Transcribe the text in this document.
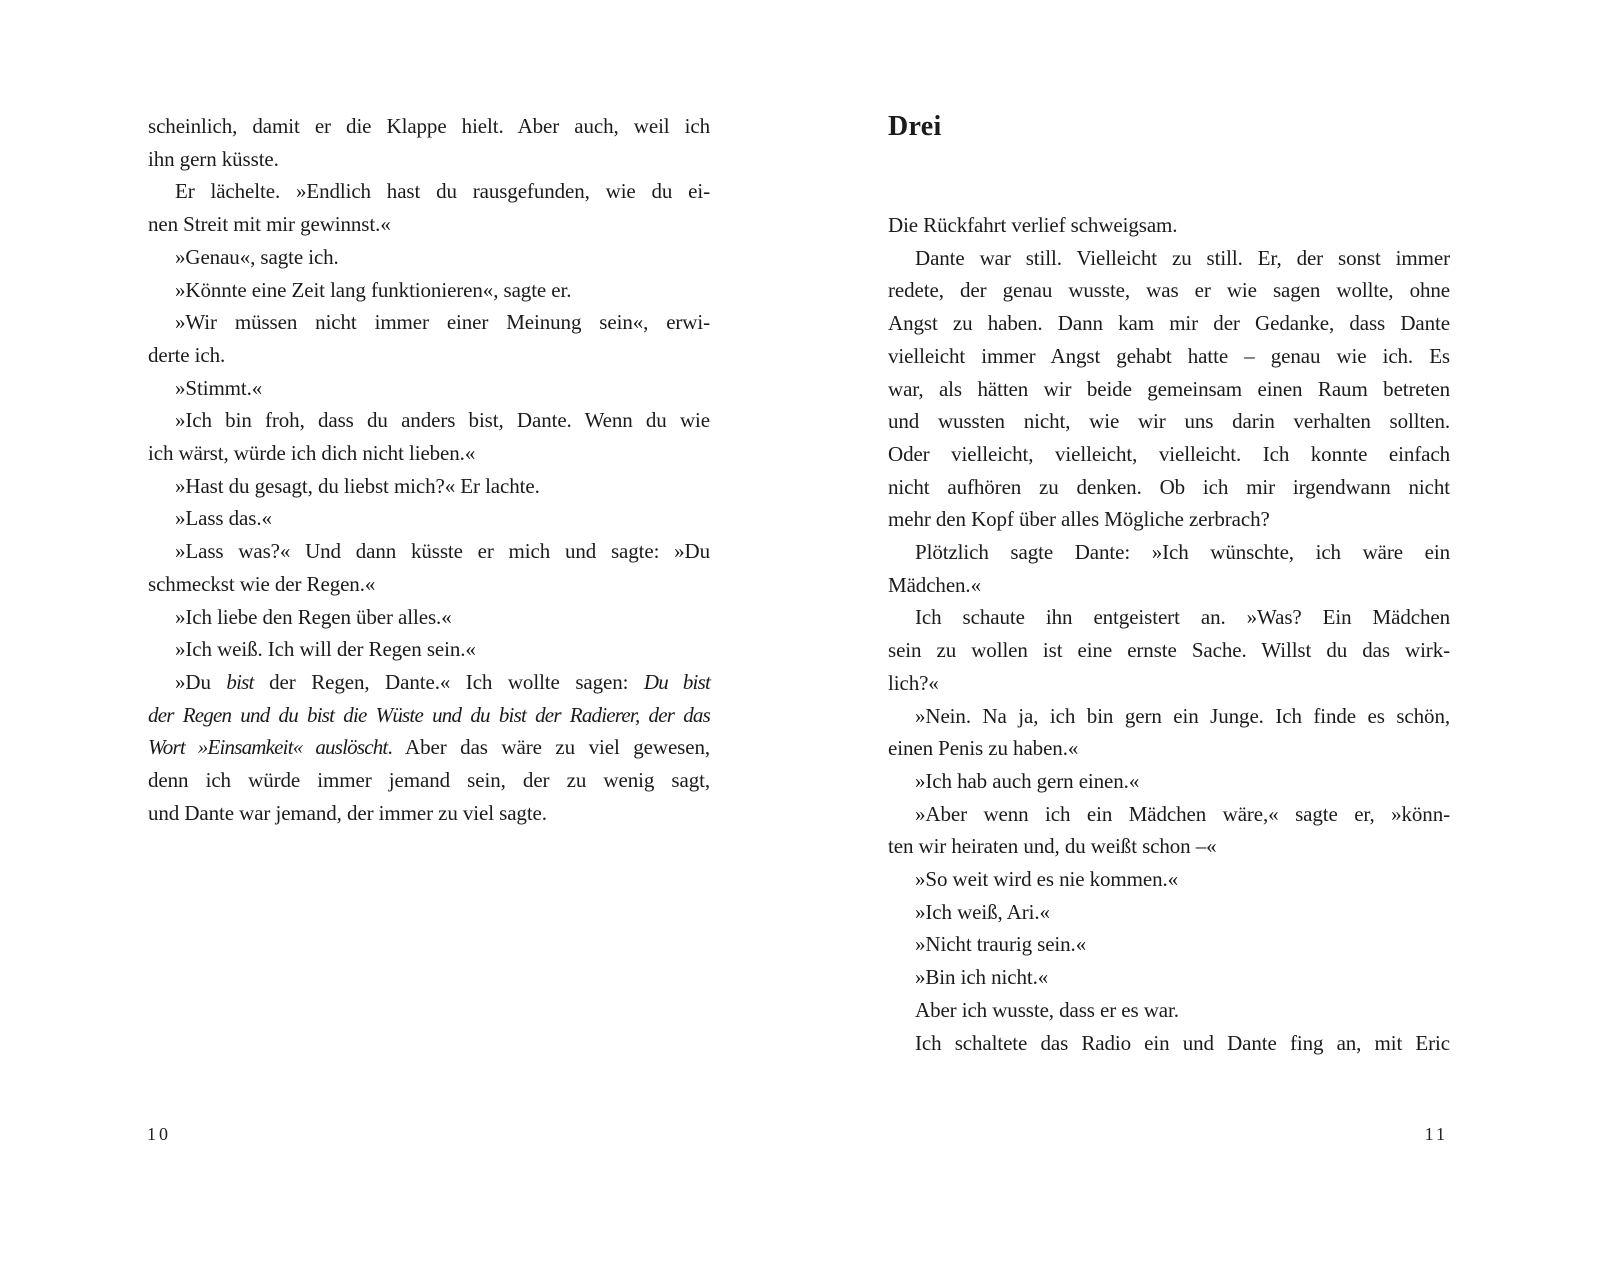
scheinlich, damit er die Klappe hielt. Aber auch, weil ich
ihn gern küsste.
Er lächelte. »Endlich hast du rausgefunden, wie du ei-
nen Streit mit mir gewinnst.«
»Genau«, sagte ich.
»Könnte eine Zeit lang funktionieren«, sagte er.
»Wir müssen nicht immer einer Meinung sein«, erwi-
derte ich.
»Stimmt.«
»Ich bin froh, dass du anders bist, Dante. Wenn du wie
ich wärst, würde ich dich nicht lieben.«
»Hast du gesagt, du liebst mich?« Er lachte.
»Lass das.«
»Lass was?« Und dann küsste er mich und sagte: »Du
schmeckst wie der Regen.«
»Ich liebe den Regen über alles.«
»Ich weiß. Ich will der Regen sein.«
»Du bist der Regen, Dante.« Ich wollte sagen: Du bist
der Regen und du bist die Wüste und du bist der Radierer, der das
Wort »Einsamkeit« auslöscht. Aber das wäre zu viel gewesen,
denn ich würde immer jemand sein, der zu wenig sagt,
und Dante war jemand, der immer zu viel sagte.
Drei
Die Rückfahrt verlief schweigsam.
Dante war still. Vielleicht zu still. Er, der sonst immer
redete, der genau wusste, was er wie sagen wollte, ohne
Angst zu haben. Dann kam mir der Gedanke, dass Dante
vielleicht immer Angst gehabt hatte – genau wie ich. Es
war, als hätten wir beide gemeinsam einen Raum betreten
und wussten nicht, wie wir uns darin verhalten sollten.
Oder vielleicht, vielleicht, vielleicht. Ich konnte einfach
nicht aufhören zu denken. Ob ich mir irgendwann nicht
mehr den Kopf über alles Mögliche zerbrach?
Plötzlich sagte Dante: »Ich wünschte, ich wäre ein
Mädchen.«
Ich schaute ihn entgeistert an. »Was? Ein Mädchen
sein zu wollen ist eine ernste Sache. Willst du das wirk-
lich?«
»Nein. Na ja, ich bin gern ein Junge. Ich finde es schön,
einen Penis zu haben.«
»Ich hab auch gern einen.«
»Aber wenn ich ein Mädchen wäre,« sagte er, »könn-
ten wir heiraten und, du weißt schon –«
»So weit wird es nie kommen.«
»Ich weiß, Ari.«
»Nicht traurig sein.«
»Bin ich nicht.«
Aber ich wusste, dass er es war.
Ich schaltete das Radio ein und Dante fing an, mit Eric
10	11
